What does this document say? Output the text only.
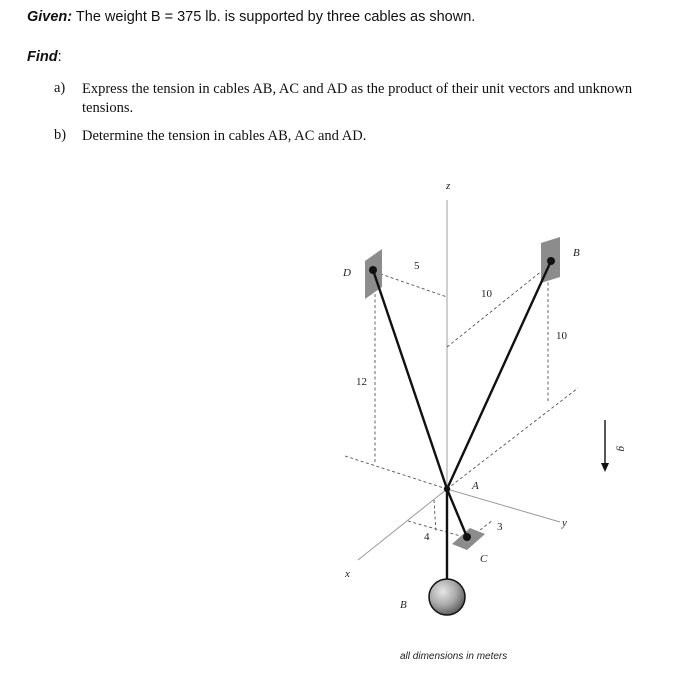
Given: The weight B = 375 lb. is supported by three cables as shown.
Find:
a) Express the tension in cables AB, AC and AD as the product of their unit vectors and unknown tensions.
b) Determine the tension in cables AB, AC and AD.
z
y
x
g
D
B
A
C
B
5
12
10
10
3
4
all dimensions in meters
